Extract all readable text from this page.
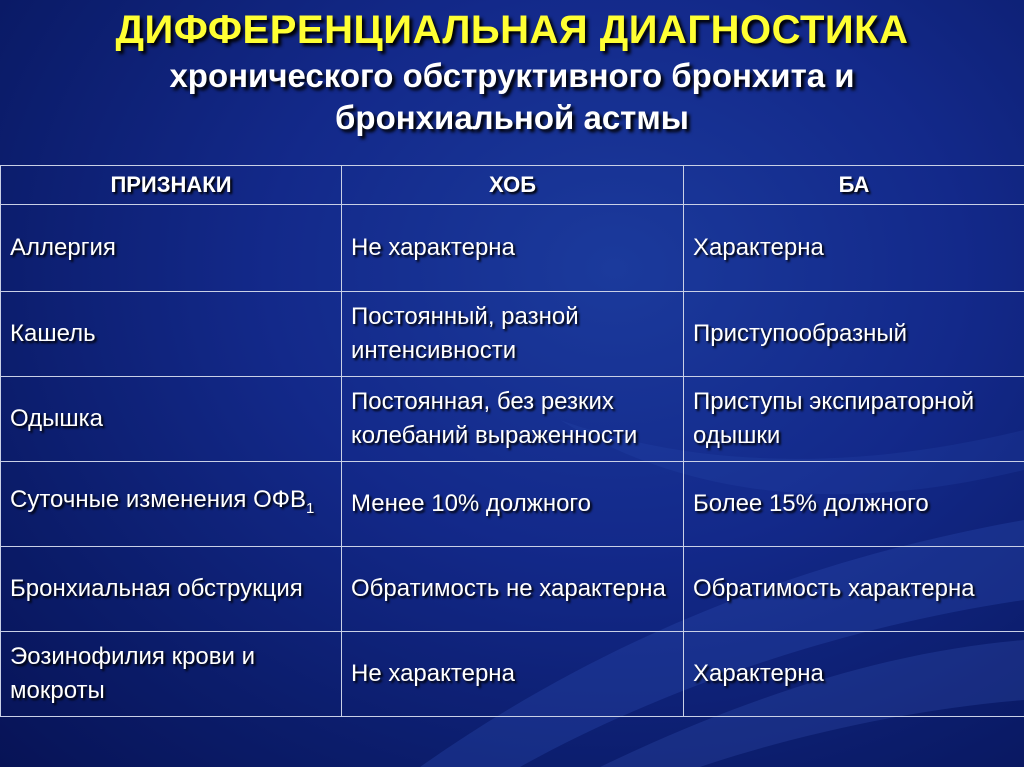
ДИФФЕРЕНЦИАЛЬНАЯ ДИАГНОСТИКА
хронического обструктивного бронхита и бронхиальной астмы
ПРИЗНАКИ	ХОБ	БА
Аллергия	Не характерна	Характерна
Кашель	Постоянный, разной интенсивности	Приступообразный
Одышка	Постоянная, без резких колебаний выраженности	Приступы экспираторной одышки
Суточные изменения $ОФВ_1$	Менее 10% должного	Более 15% должного
Бронхиальная обструкция	Обратимость не характерна	Обратимость характерна
Эозинофилия крови и мокроты	Не характерна	Характерна
